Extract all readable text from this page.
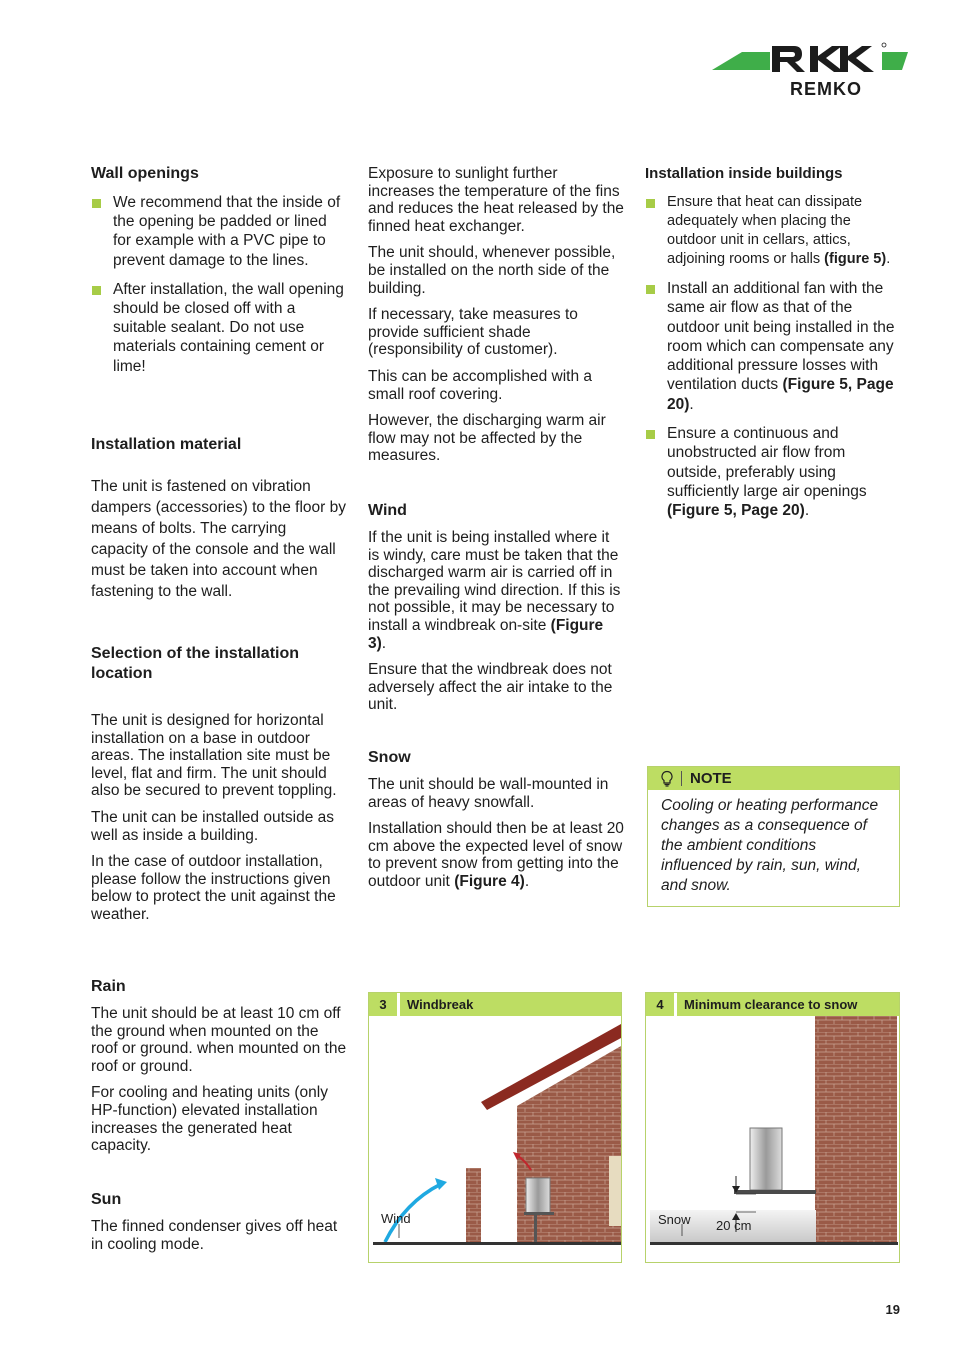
REMKO

Wall openings

We recommend that the inside of the opening be padded or lined for example with a PVC pipe to prevent damage to the lines.
After installation, the wall opening should be closed off with a suitable sealant. Do not use materials containing cement or lime!

Installation material

The unit is fastened on vibration dampers (accessories) to the floor by means of bolts. The carrying capacity of the console and the wall must be taken into account when fastening to the wall.

Selection of the installation location

The unit is designed for horizontal installation on a base in outdoor areas. The installation site must be level, flat and firm. The unit should also be secured to prevent toppling.

The unit can be installed outside as well as inside a building.

In the case of outdoor installation, please follow the instructions given below to protect the unit against the weather.

Rain

The unit should be at least 10 cm off the ground when mounted on the roof or ground. when mounted on the roof or ground.

For cooling and heating units (only HP-function) elevated installation increases the generated heat capacity.

Sun

The finned condenser gives off heat in cooling mode.

Exposure to sunlight further increases the temperature of the fins and reduces the heat released by the finned heat exchanger.

The unit should, whenever possible, be installed on the north side of the building.

If necessary, take measures to provide sufficient shade (responsibility of customer).

This can be accomplished with a small roof covering.

However, the discharging warm air flow may not be affected by the measures.

Wind

If the unit is being installed where it is windy, care must be taken that the discharged warm air is carried off in the prevailing wind direction. If this is not possible, it may be necessary to install a windbreak on-site (Figure 3).

Ensure that the windbreak does not adversely affect the air intake to the unit.

Snow

The unit should be wall-mounted in areas of heavy snowfall.

Installation should then be at least 20 cm above the expected level of snow to prevent snow from getting into the outdoor unit (Figure 4).

Installation inside buildings

Ensure that heat can dissipate adequately when placing the outdoor unit in cellars, attics, adjoining rooms or halls (figure 5).
Install an additional fan with the same air flow as that of the outdoor unit being installed in the room which can compensate any additional pressure losses with ventilation ducts (Figure 5, Page 20).
Ensure a continuous and unobstructed air flow from outside, preferably using sufficiently large air openings (Figure 5, Page 20).
NOTE
Cooling or heating performance changes as a consequence of the ambient conditions influenced by rain, sun, wind, and snow.
3	Windbreak
Wind
4	Minimum clearance to snow
Snow 20 cm
19
